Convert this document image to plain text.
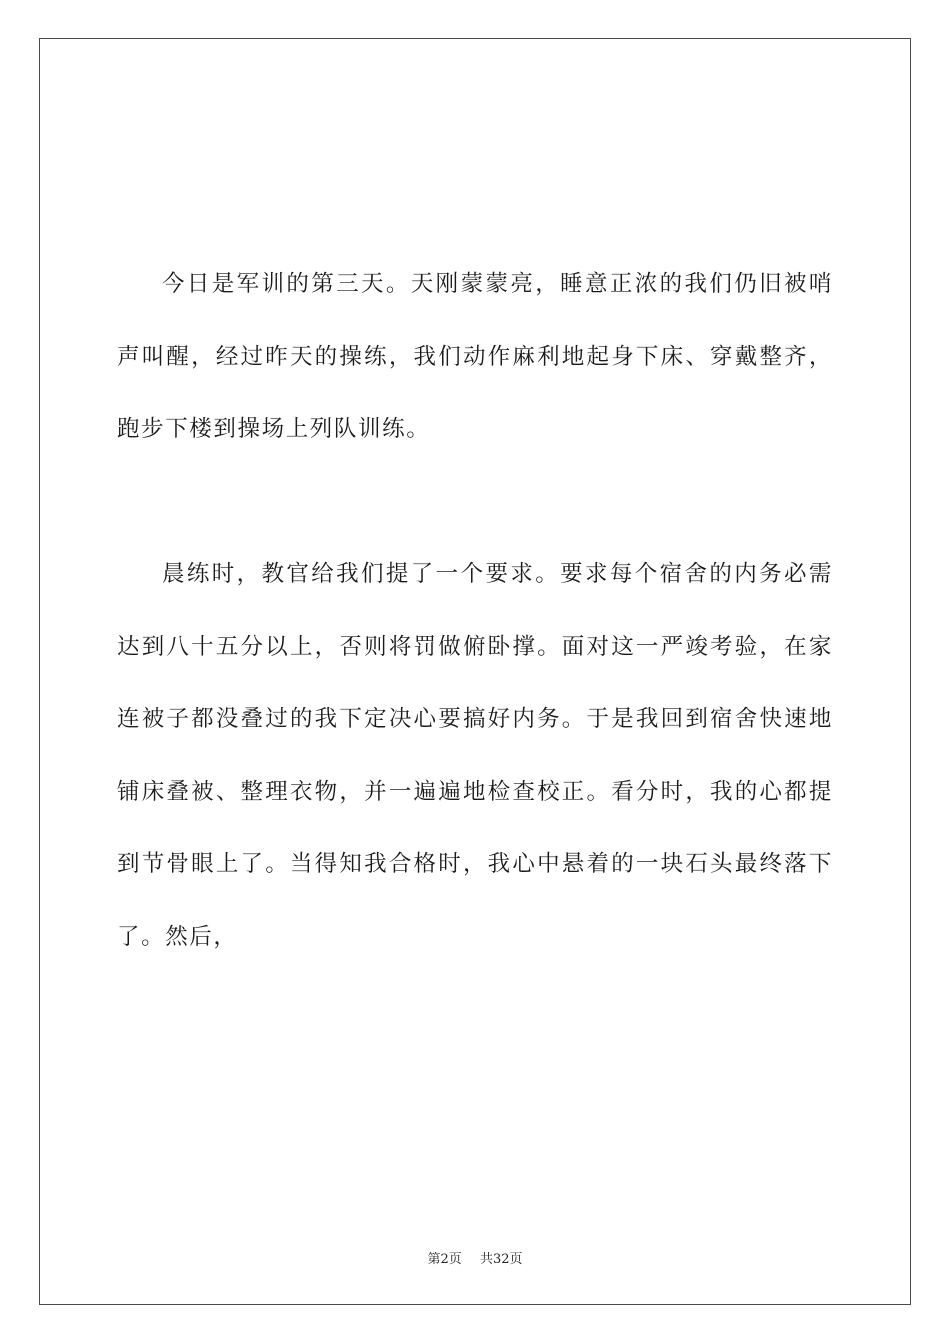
今日是军训的第三天。天刚蒙蒙亮，睡意正浓的我们仍旧被哨声叫醒，经过昨天的操练，我们动作麻利地起身下床、穿戴整齐，跑步下楼到操场上列队训练。

晨练时，教官给我们提了一个要求。要求每个宿舍的内务必需达到八十五分以上，否则将罚做俯卧撑。面对这一严竣考验，在家连被子都没叠过的我下定决心要搞好内务。于是我回到宿舍快速地铺床叠被、整理衣物，并一遍遍地检查校正。看分时，我的心都提到节骨眼上了。当得知我合格时，我心中悬着的一块石头最终落下了。然后，

第2页 共32页
